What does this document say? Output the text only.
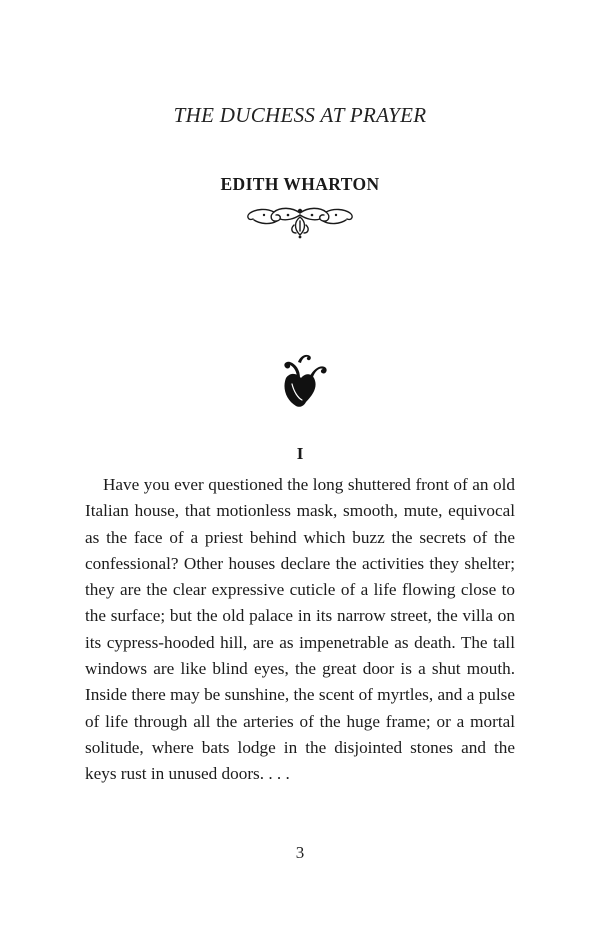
THE DUCHESS AT PRAYER
EDITH WHARTON
I

Have you ever questioned the long shuttered front of an old Italian house, that motionless mask, smooth, mute, equivocal as the face of a priest behind which buzz the secrets of the confessional? Other houses declare the activities they shelter; they are the clear expressive cuticle of a life flowing close to the surface; but the old palace in its narrow street, the villa on its cypress-hooded hill, are as impenetrable as death. The tall windows are like blind eyes, the great door is a shut mouth. Inside there may be sunshine, the scent of myrtles, and a pulse of life through all the arteries of the huge frame; or a mortal solitude, where bats lodge in the disjointed stones and the keys rust in unused doors. . . .

3
